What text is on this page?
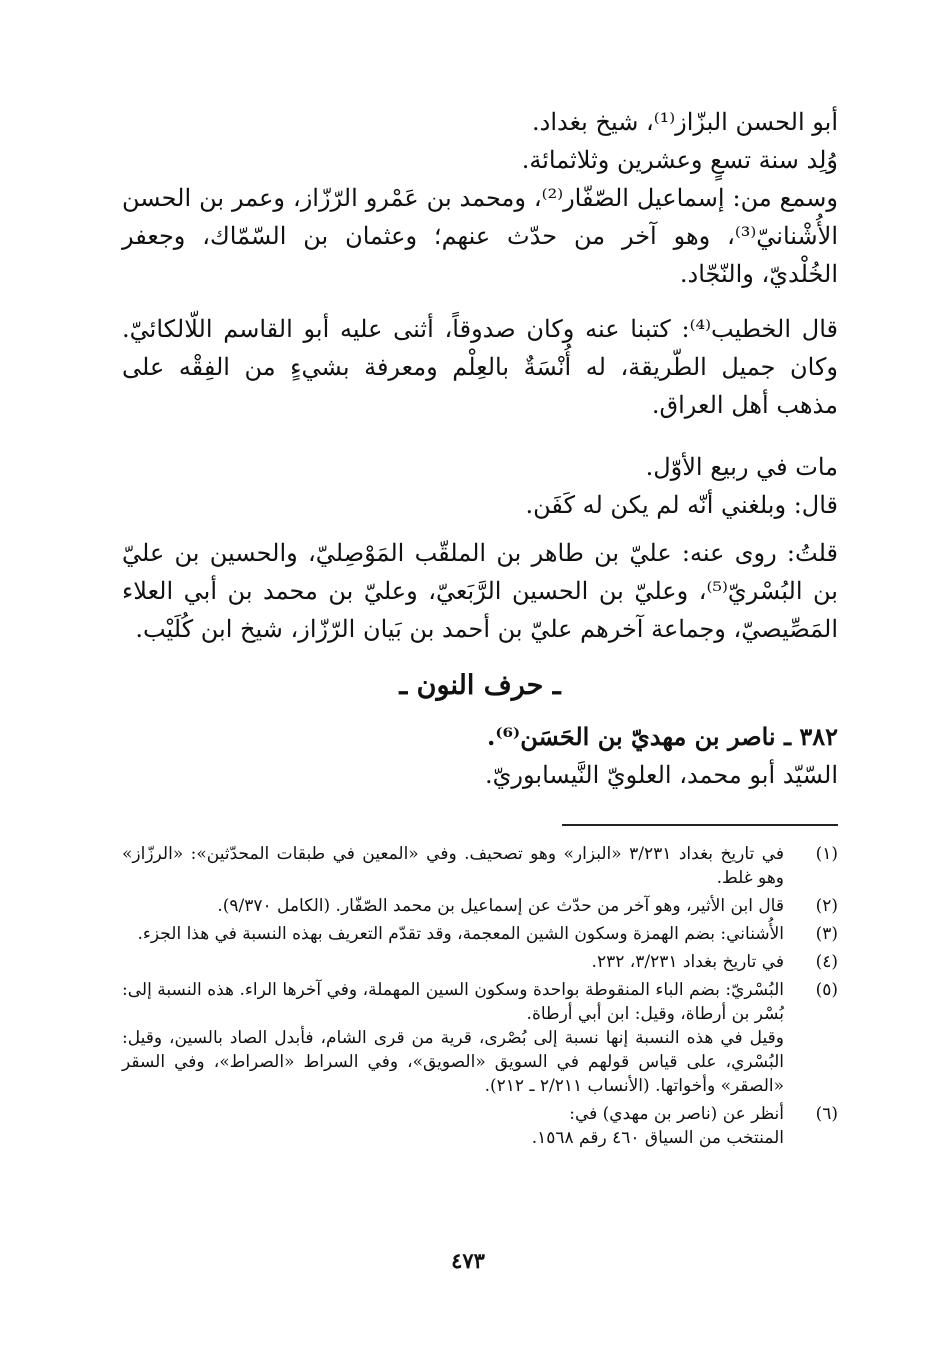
أبو الحسن البزّاز⁽¹⁾، شيخ بغداد.

وُلِد سنة تسعٍ وعشرين وثلاثمائة.

وسمع من: إسماعيل الصّفّار⁽²⁾، ومحمد بن عَمْرو الرّزّاز، وعمر بن الحسن الأُشْنانيّ⁽³⁾، وهو آخر من حدّث عنهم؛ وعثمان بن السّمّاك، وجعفر الخُلْديّ، والنّجّاد.

قال الخطيب⁽⁴⁾: كتبنا عنه وكان صدوقاً، أثنى عليه أبو القاسم اللّالكائيّ. وكان جميل الطّريقة، له أُنْسَةٌ بالعِلْم ومعرفة بشيءٍ من الفِقْه على مذهب أهل العراق.

مات في ربيع الأوّل.

قال: وبلغني أنّه لم يكن له كَفَن.

قلتُ: روى عنه: عليّ بن طاهر بن الملقّب المَوْصِليّ، والحسين بن عليّ بن البُسْريّ⁽⁵⁾، وعليّ بن الحسين الرَّبَعيّ، وعليّ بن محمد بن أبي العلاء المَصِّيصيّ، وجماعة آخرهم عليّ بن أحمد بن بَيان الرّزّاز، شيخ ابن كُلَيْب.

ـ حرف النون ـ
٣٨٢ ـ ناصر بن مهديّ بن الحَسَن⁽⁶⁾.
السّيّد أبو محمد، العلويّ النَّيسابوريّ.
(١)

في تاريخ بغداد ٣/٢٣١ «البزار» وهو تصحيف. وفي «المعين في طبقات المحدّثين»: «الرزّاز» وهو غلط.

(٢)

قال ابن الأثير، وهو آخر من حدّث عن إسماعيل بن محمد الصّفّار. (الكامل ٩/٣٧٠).

(٣)

الأُشناني: بضم الهمزة وسكون الشين المعجمة، وقد تقدّم التعريف بهذه النسبة في هذا الجزء.

(٤)

في تاريخ بغداد ٣/٢٣١، ٢٣٢.

(٥)

البُسْريّ: بضم الباء المنقوطة بواحدة وسكون السين المهملة، وفي آخرها الراء. هذه النسبة إلى: بُسْر بن أرطاة، وقيل: ابن أبي أرطاة.

وقيل في هذه النسبة إنها نسبة إلى بُصْرى، قرية من قرى الشام، فأبدل الصاد بالسين، وقيل: البُسْري، على قياس قولهم في السويق «الصويق»، وفي السراط «الصراط»، وفي السقر «الصقر» وأخواتها. (الأنساب ٢/٢١١ ـ ٢١٢).

(٦)

أنظر عن (ناصر بن مهدي) في:

المنتخب من السياق ٤٦٠ رقم ١٥٦٨.

٤٧٣
